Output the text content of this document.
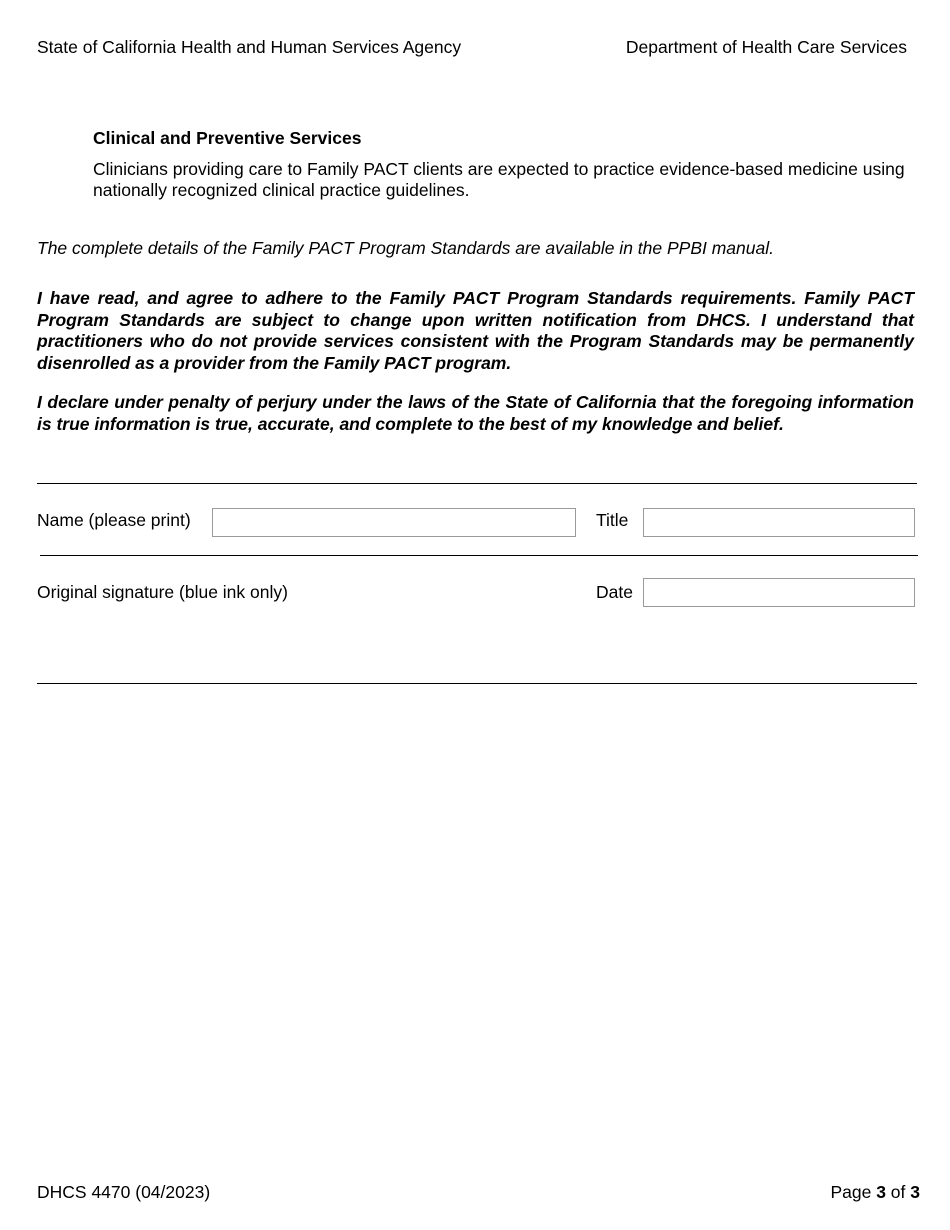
State of California Health and Human Services Agency	Department of Health Care Services
Clinical and Preventive Services
Clinicians providing care to Family PACT clients are expected to practice evidence-based medicine using nationally recognized clinical practice guidelines.
The complete details of the Family PACT Program Standards are available in the PPBI manual.
I have read, and agree to adhere to the Family PACT Program Standards requirements. Family PACT Program Standards are subject to change upon written notification from DHCS. I understand that practitioners who do not provide services consistent with the Program Standards may be permanently disenrolled as a provider from the Family PACT program.
I declare under penalty of perjury under the laws of the State of California that the foregoing information is true information is true, accurate, and complete to the best of my knowledge and belief.
Name (please print)	Title
Original signature (blue ink only)	Date
DHCS 4470 (04/2023)	Page 3 of 3
